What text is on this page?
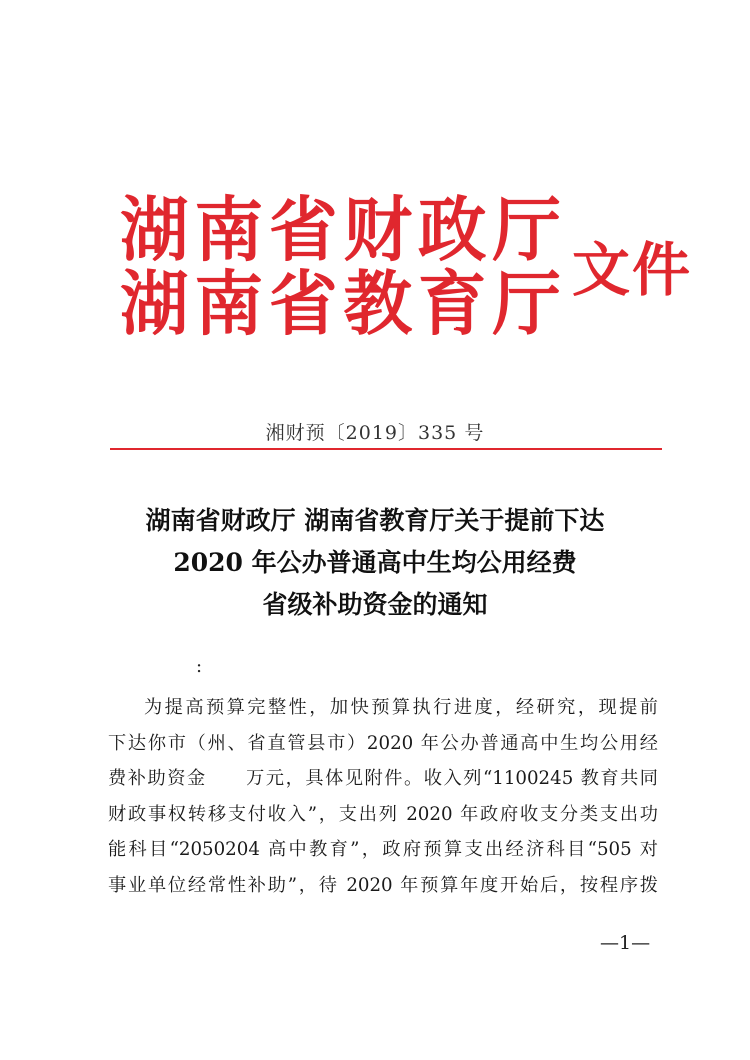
湖南省财政厅
湖南省教育厅 文件
湘财预〔2019〕335 号
湖南省财政厅 湖南省教育厅关于提前下达
2020 年公办普通高中生均公用经费
省级补助资金的通知
:
为提高预算完整性，加快预算执行进度，经研究，现提前
下达你市（州、省直管县市）2020 年公办普通高中生均公用经
费补助资金　　万元，具体见附件。收入列“1100245 教育共同
财政事权转移支付收入”，支出列 2020 年政府收支分类支出功
能科目“2050204 高中教育”，政府预算支出经济科目“505 对
事业单位经常性补助”，待 2020 年预算年度开始后，按程序拨
—1—
